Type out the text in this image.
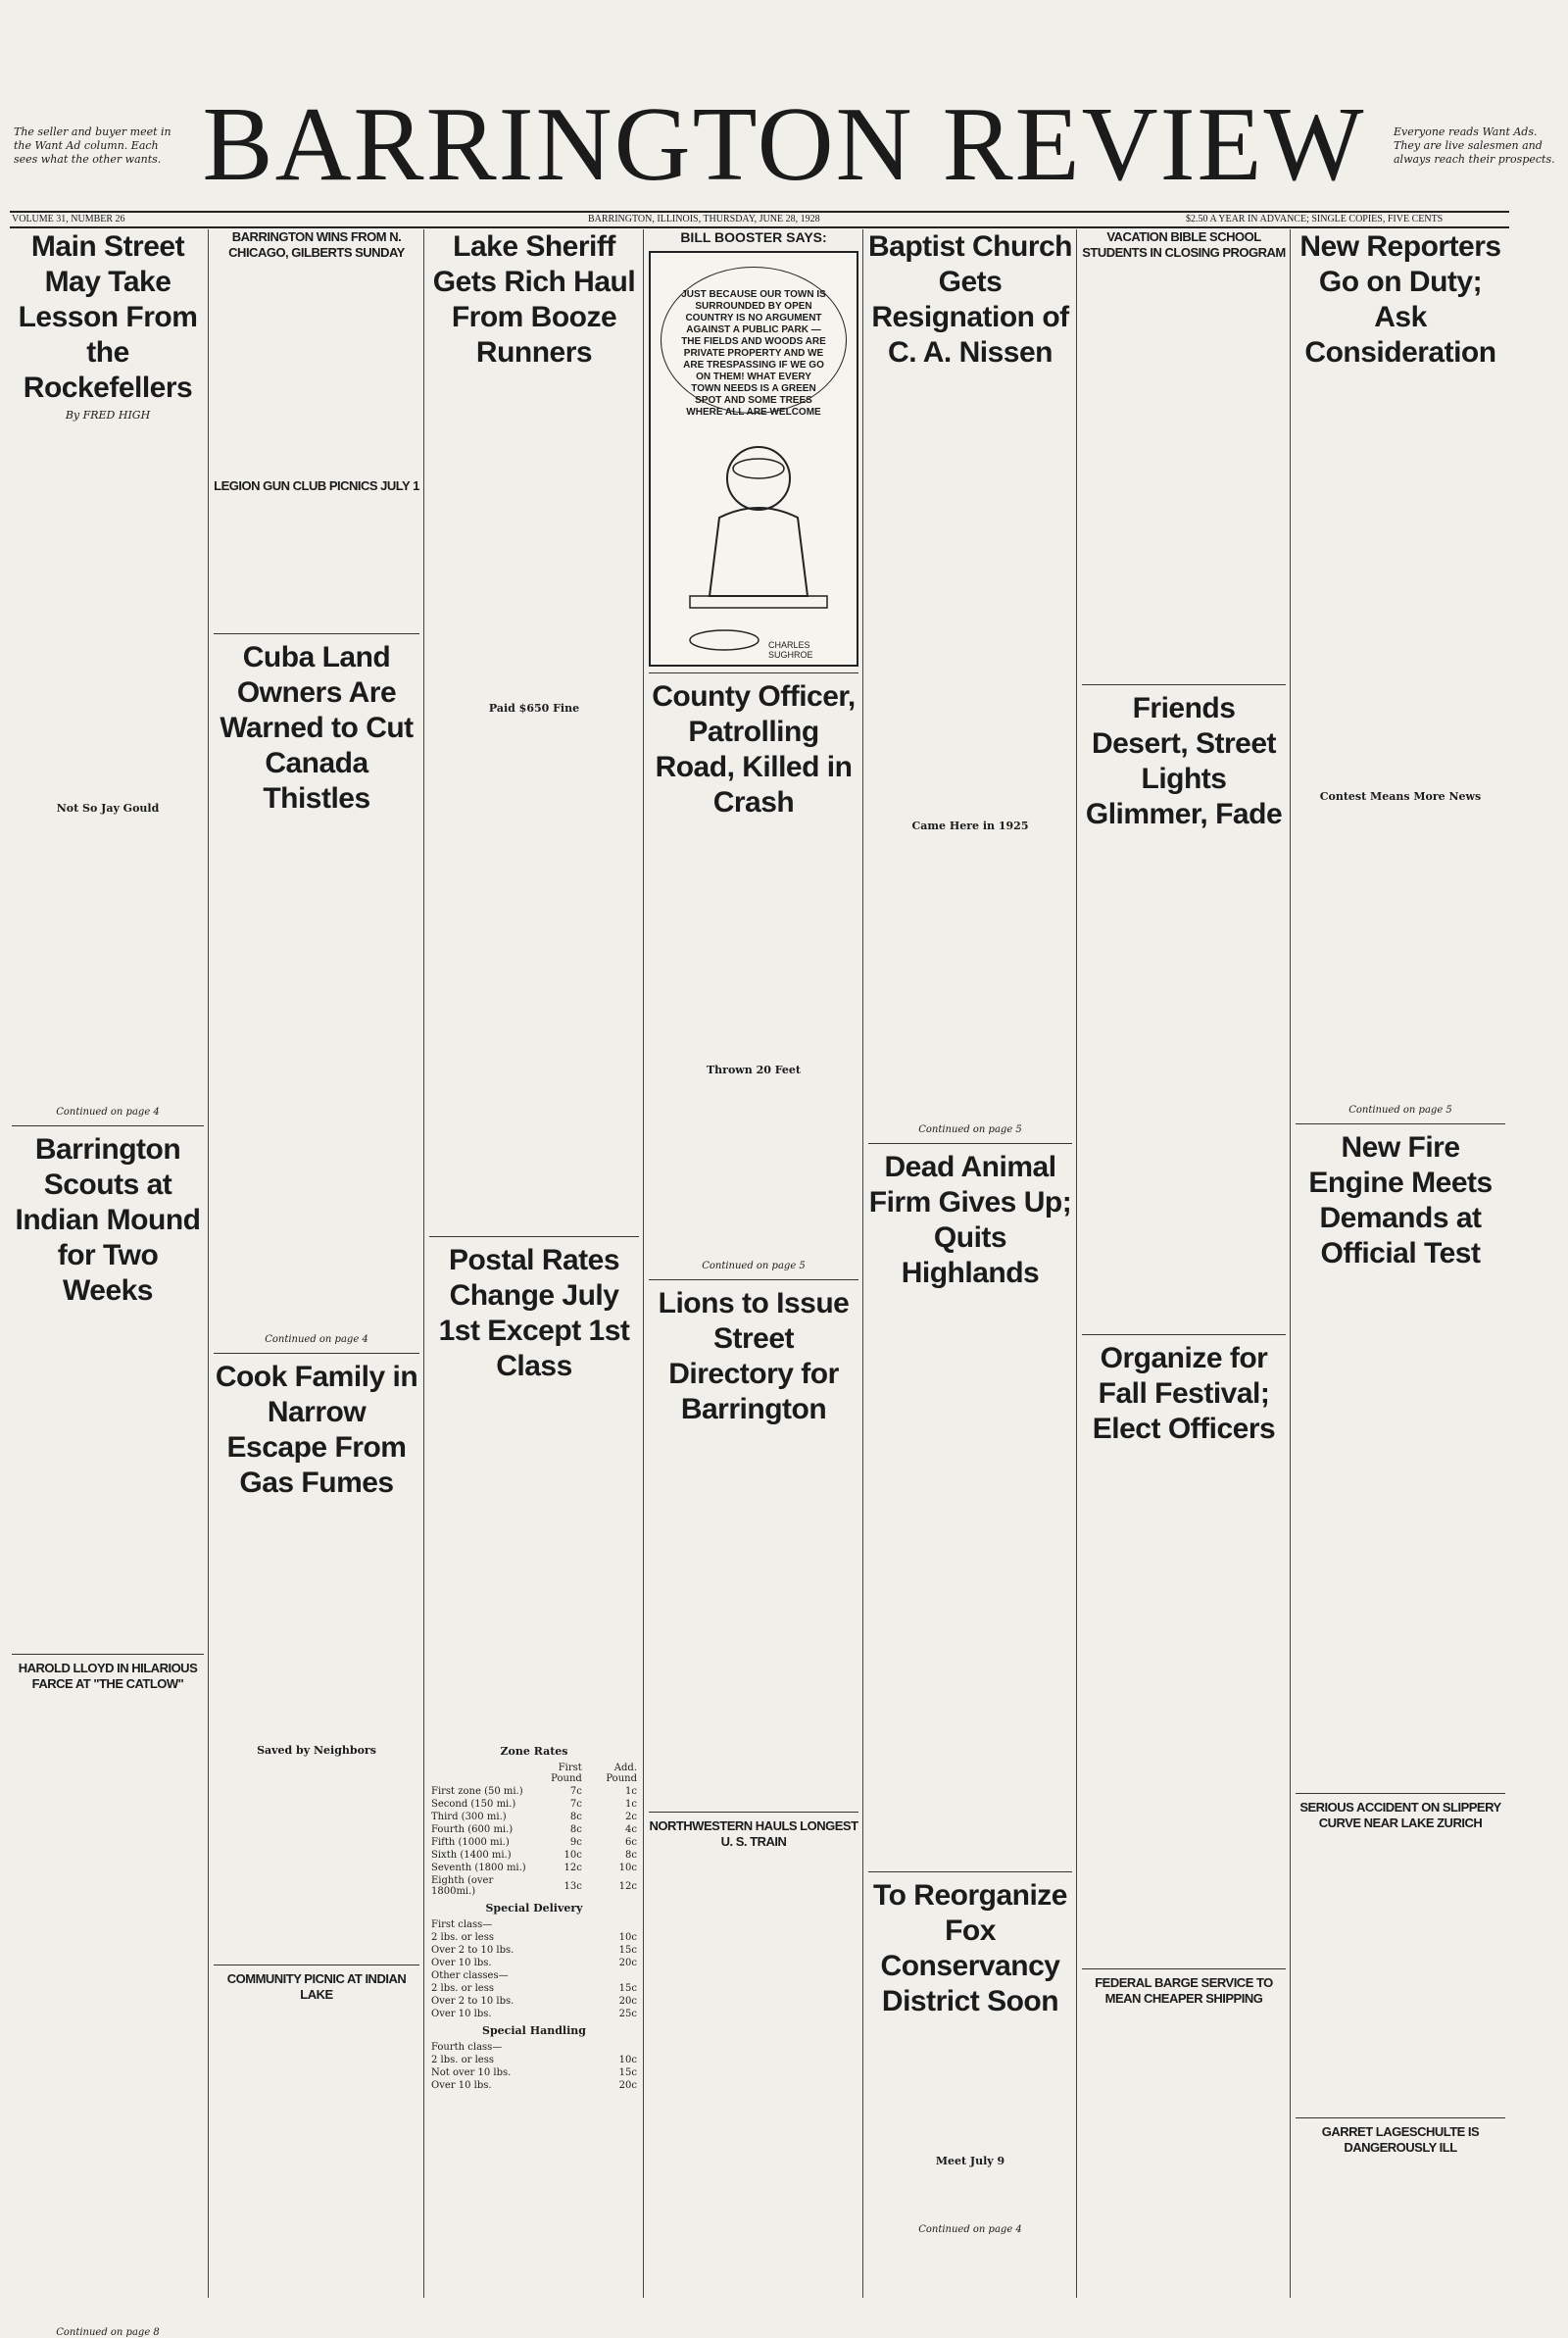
The seller and buyer meet in the Want Ad column. Each sees what the other wants.
Everyone reads Want Ads. They are live salesmen and always reach their prospects.
BARRINGTON REVIEW
VOLUME 31, NUMBER 26	BARRINGTON, ILLINOIS, THURSDAY, JUNE 28, 1928	$2.50 A YEAR IN ADVANCE; SINGLE COPIES, FIVE CENTS

Main Street May Take Lesson From the Rockefellers

By FRED HIGH

Not So Jay Gould

Continued on page 4

Barrington Scouts at Indian Mound for Two Weeks

HAROLD LLOYD IN HILARIOUS FARCE AT "THE CATLOW"

Continued on page 8

BARRINGTON WINS FROM N. CHICAGO, GILBERTS SUNDAY

LEGION GUN CLUB PICNICS JULY 1

Cuba Land Owners Are Warned to Cut Canada Thistles

Continued on page 4

Cook Family in Narrow Escape From Gas Fumes

Saved by Neighbors

COMMUNITY PICNIC AT INDIAN LAKE

Lake Sheriff Gets Rich Haul From Booze Runners

Paid $650 Fine

Postal Rates Change July 1st Except 1st Class

Zone Rates

	First Pound	Add. Pound
First zone (50 mi.)	7c	1c
Second (150 mi.)	7c	1c
Third (300 mi.)	8c	2c
Fourth (600 mi.)	8c	4c
Fifth (1000 mi.)	9c	6c
Sixth (1400 mi.)	10c	8c
Seventh (1800 mi.)	12c	10c
Eighth (over 1800mi.)	13c	12c

Special Delivery

First class—	
2 lbs. or less	10c
Over 2 to 10 lbs.	15c
Over 10 lbs.	20c
Other classes—	
2 lbs. or less	15c
Over 2 to 10 lbs.	20c
Over 10 lbs.	25c

Special Handling

Fourth class—	
2 lbs. or less	10c
Not over 10 lbs.	15c
Over 10 lbs.	20c

BILL BOOSTER SAYS:

JUST BECAUSE OUR TOWN IS SURROUNDED BY OPEN COUNTRY IS NO ARGUMENT AGAINST A PUBLIC PARK — THE FIELDS AND WOODS ARE PRIVATE PROPERTY AND WE ARE TRESPASSING IF WE GO ON THEM! WHAT EVERY TOWN NEEDS IS A GREEN SPOT AND SOME TREES WHERE ALL ARE WELCOME
CHARLES SUGHROE

County Officer, Patrolling Road, Killed in Crash

Thrown 20 Feet

Continued on page 5

Lions to Issue Street Directory for Barrington

NORTHWESTERN HAULS LONGEST U. S. TRAIN

Baptist Church Gets Resignation of C. A. Nissen

Came Here in 1925

Continued on page 5

Dead Animal Firm Gives Up; Quits Highlands

To Reorganize Fox Conservancy District Soon

Meet July 9

Continued on page 4

VACATION BIBLE SCHOOL STUDENTS IN CLOSING PROGRAM

Friends Desert, Street Lights Glimmer, Fade

Organize for Fall Festival; Elect Officers

FEDERAL BARGE SERVICE TO MEAN CHEAPER SHIPPING

New Reporters Go on Duty; Ask Consideration

Contest Means More News

Continued on page 5

New Fire Engine Meets Demands at Official Test

SERIOUS ACCIDENT ON SLIPPERY CURVE NEAR LAKE ZURICH

GARRET LAGESCHULTE IS DANGEROUSLY ILL
